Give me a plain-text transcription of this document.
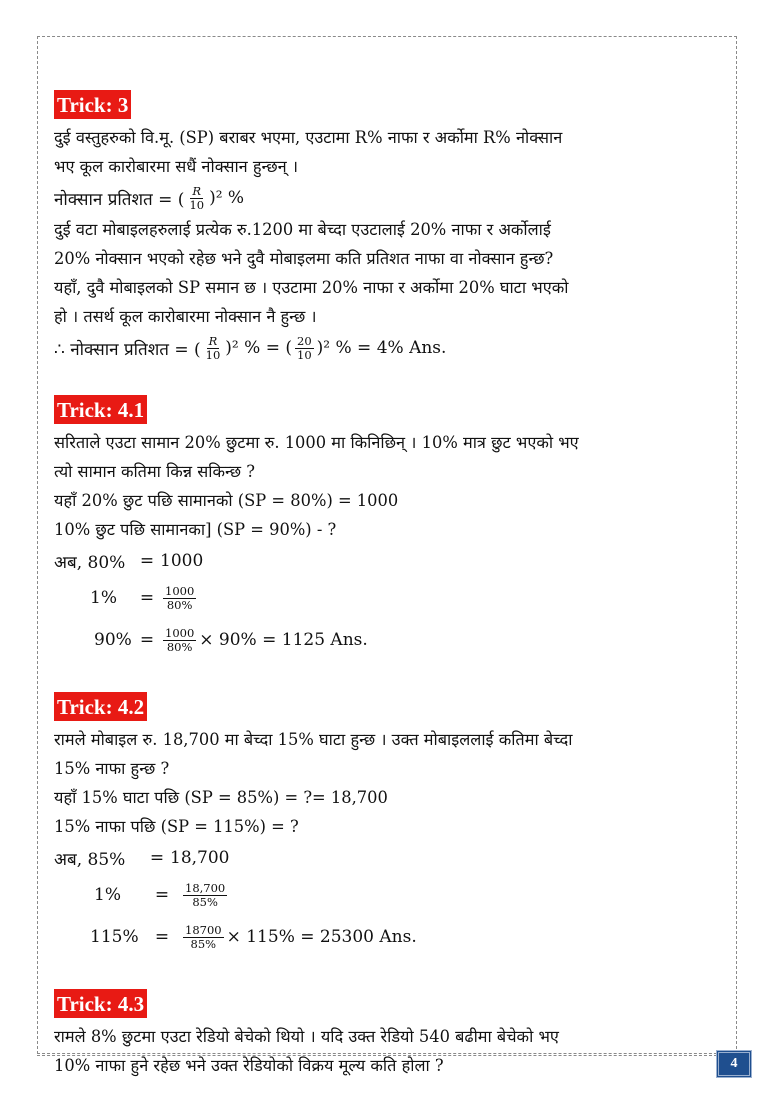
Trick: 3
दुई वस्तुहरुको वि.मू. (SP) बराबर भएमा, एउटामा R% नाफा र अर्कोमा R% नोक्सान
भए कूल कारोबारमा सधैं नोक्सान हुन्छन् ।
नोक्सान प्रतिशत = ( $\frac{R}{10} )^2$ %
दुई वटा मोबाइलहरुलाई प्रत्येक रु.1200 मा बेच्दा एउटालाई 20% नाफा र अर्कोलाई
20% नोक्सान भएको रहेछ भने दुवै मोबाइलमा कति प्रतिशत नाफा वा नोक्सान हुन्छ?
यहाँ, दुवै मोबाइलको SP समान छ । एउटामा 20% नाफा र अर्कोमा 20% घाटा भएको
हो । तसर्थ कूल कारोबारमा नोक्सान नै हुन्छ ।
∴ नोक्सान प्रतिशत = ( $\frac{R}{10} )^2$ % = ( $\frac{20}{10} )^2$ % = 4% Ans.
Trick: 4.1
सरिताले एउटा सामान 20% छुटमा रु. 1000 मा किनिछिन् । 10% मात्र छुट भएको भए
त्यो सामान कतिमा किन्न सकिन्छ ?
यहाँ 20% छुट पछि सामानको (SP = 80%) = 1000
10% छुट पछि सामानका] (SP = 90%) - ?
अब, 80% = 1000
1%	= $\frac{1000}{80\%}$
$90\% = \frac{1000}{80\%} \times 90\% = 1125$ Ans.
Trick: 4.2
रामले मोबाइल रु. 18,700 मा बेच्दा 15% घाटा हुन्छ । उक्त मोबाइललाई कतिमा बेच्दा
15% नाफा हुन्छ ?
यहाँ 15% घाटा पछि (SP = 85%) = ?= 18,700
15% नाफा पछि (SP = 115%) = ?
अब, 85%	= 18,700
1%	=	$\frac{18,700}{85\%}$
115% =	$\frac{18700}{85\%} \times 115\% = 25300$ Ans.
Trick: 4.3
रामले 8% छुटमा एउटा रेडियो बेचेको थियो । यदि उक्त रेडियो 540 बढीमा बेचेको भए
10% नाफा हुने रहेछ भने उक्त रेडियोको विक्रय मूल्य कति होला ?	4
